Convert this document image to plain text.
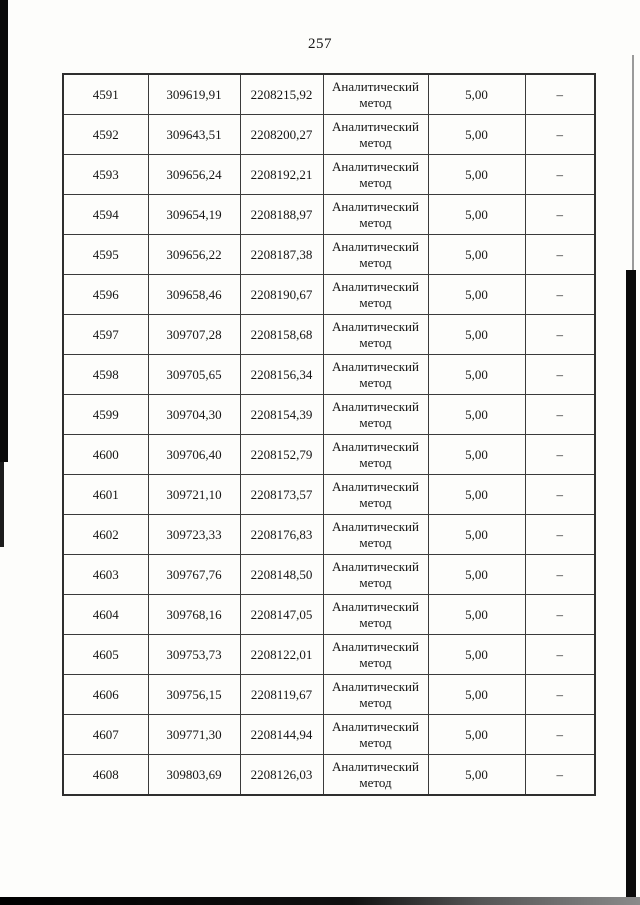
257
4591	309619,91	2208215,92	Аналитический метод	5,00	–
4592	309643,51	2208200,27	Аналитический метод	5,00	–
4593	309656,24	2208192,21	Аналитический метод	5,00	–
4594	309654,19	2208188,97	Аналитический метод	5,00	–
4595	309656,22	2208187,38	Аналитический метод	5,00	–
4596	309658,46	2208190,67	Аналитический метод	5,00	–
4597	309707,28	2208158,68	Аналитический метод	5,00	–
4598	309705,65	2208156,34	Аналитический метод	5,00	–
4599	309704,30	2208154,39	Аналитический метод	5,00	–
4600	309706,40	2208152,79	Аналитический метод	5,00	–
4601	309721,10	2208173,57	Аналитический метод	5,00	–
4602	309723,33	2208176,83	Аналитический метод	5,00	–
4603	309767,76	2208148,50	Аналитический метод	5,00	–
4604	309768,16	2208147,05	Аналитический метод	5,00	–
4605	309753,73	2208122,01	Аналитический метод	5,00	–
4606	309756,15	2208119,67	Аналитический метод	5,00	–
4607	309771,30	2208144,94	Аналитический метод	5,00	–
4608	309803,69	2208126,03	Аналитический метод	5,00	–
